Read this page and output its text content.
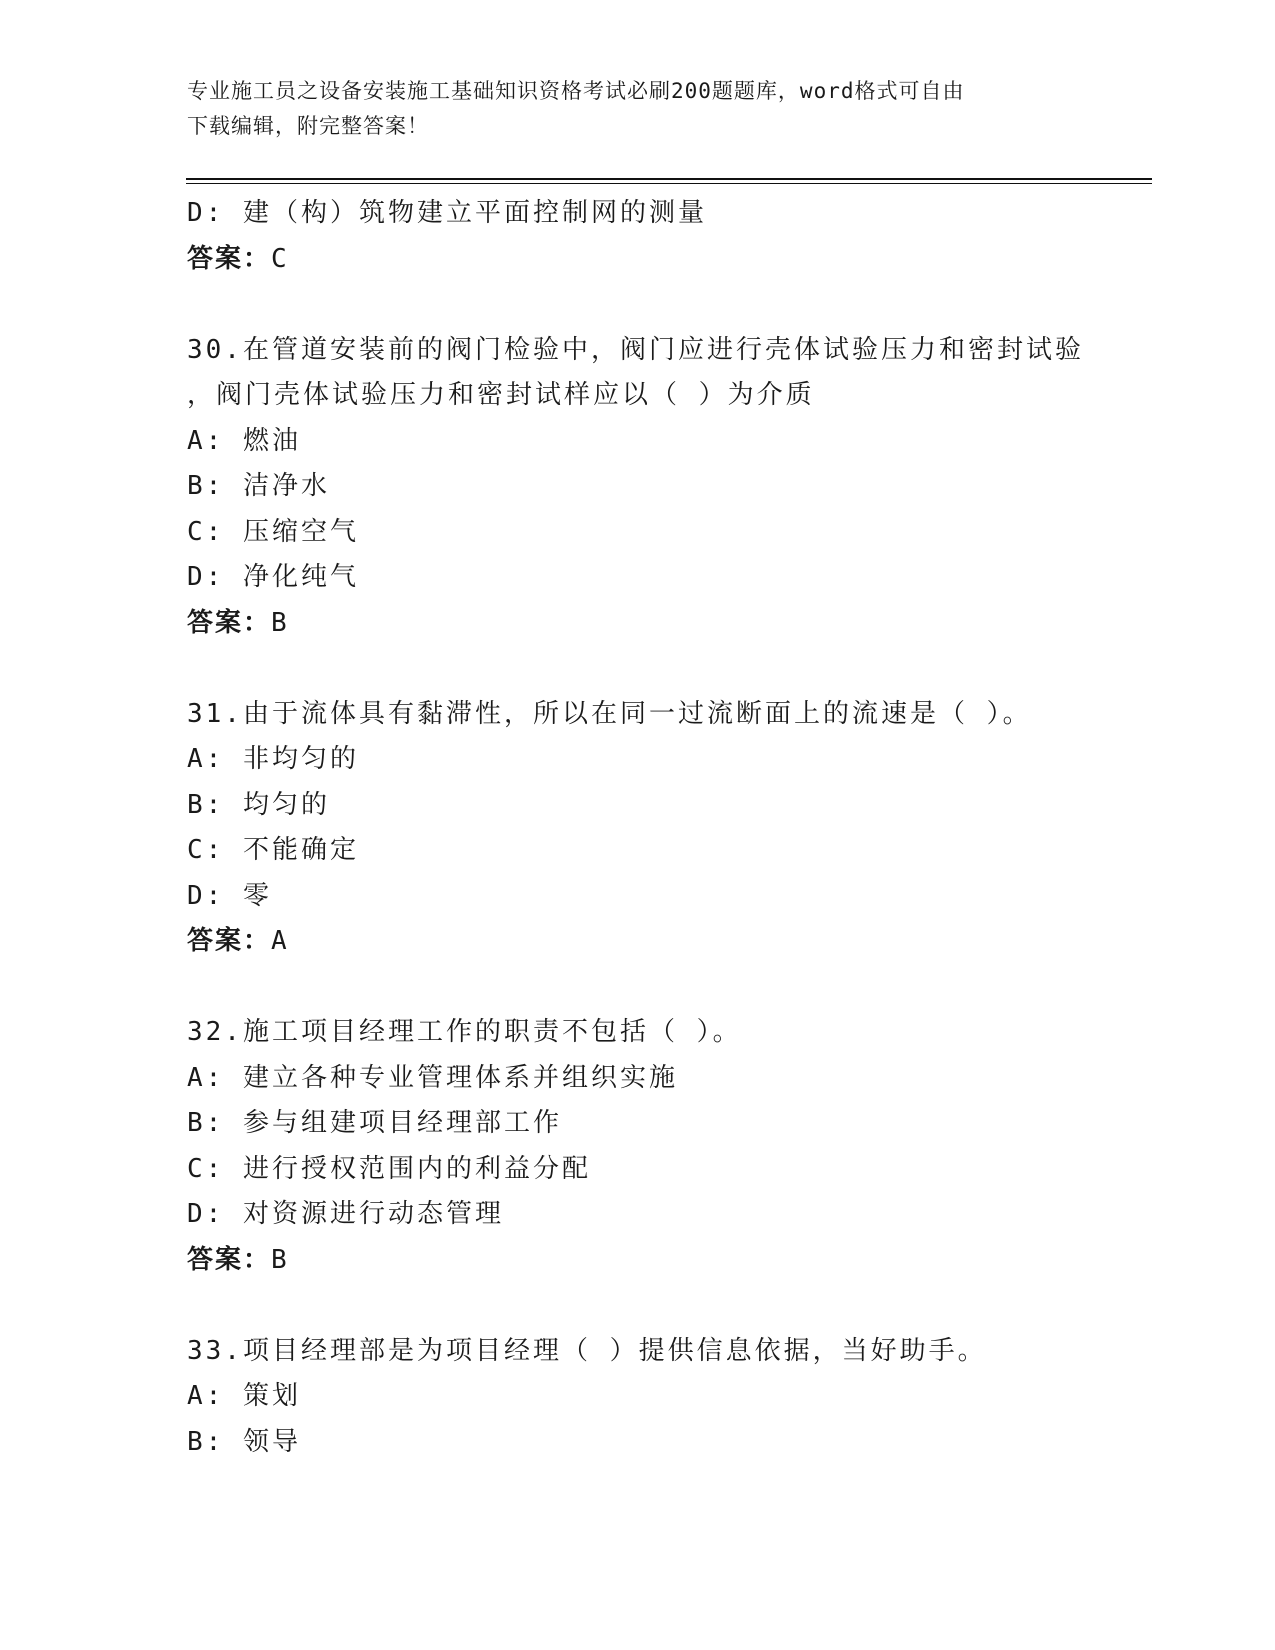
专业施工员之设备安装施工基础知识资格考试必刷200题题库，word格式可自由
下载编辑，附完整答案！
D: 建（构）筑物建立平面控制网的测量
答案：C
30.在管道安装前的阀门检验中，阀门应进行壳体试验压力和密封试验
，阀门壳体试验压力和密封试样应以（ ）为介质
A: 燃油
B: 洁净水
C: 压缩空气
D: 净化纯气
答案：B
31.由于流体具有黏滞性，所以在同一过流断面上的流速是（ ）。
A: 非均匀的
B: 均匀的
C: 不能确定
D: 零
答案：A
32.施工项目经理工作的职责不包括（ ）。
A: 建立各种专业管理体系并组织实施
B: 参与组建项目经理部工作
C: 进行授权范围内的利益分配
D: 对资源进行动态管理
答案：B
33.项目经理部是为项目经理（ ）提供信息依据，当好助手。
A: 策划
B: 领导
